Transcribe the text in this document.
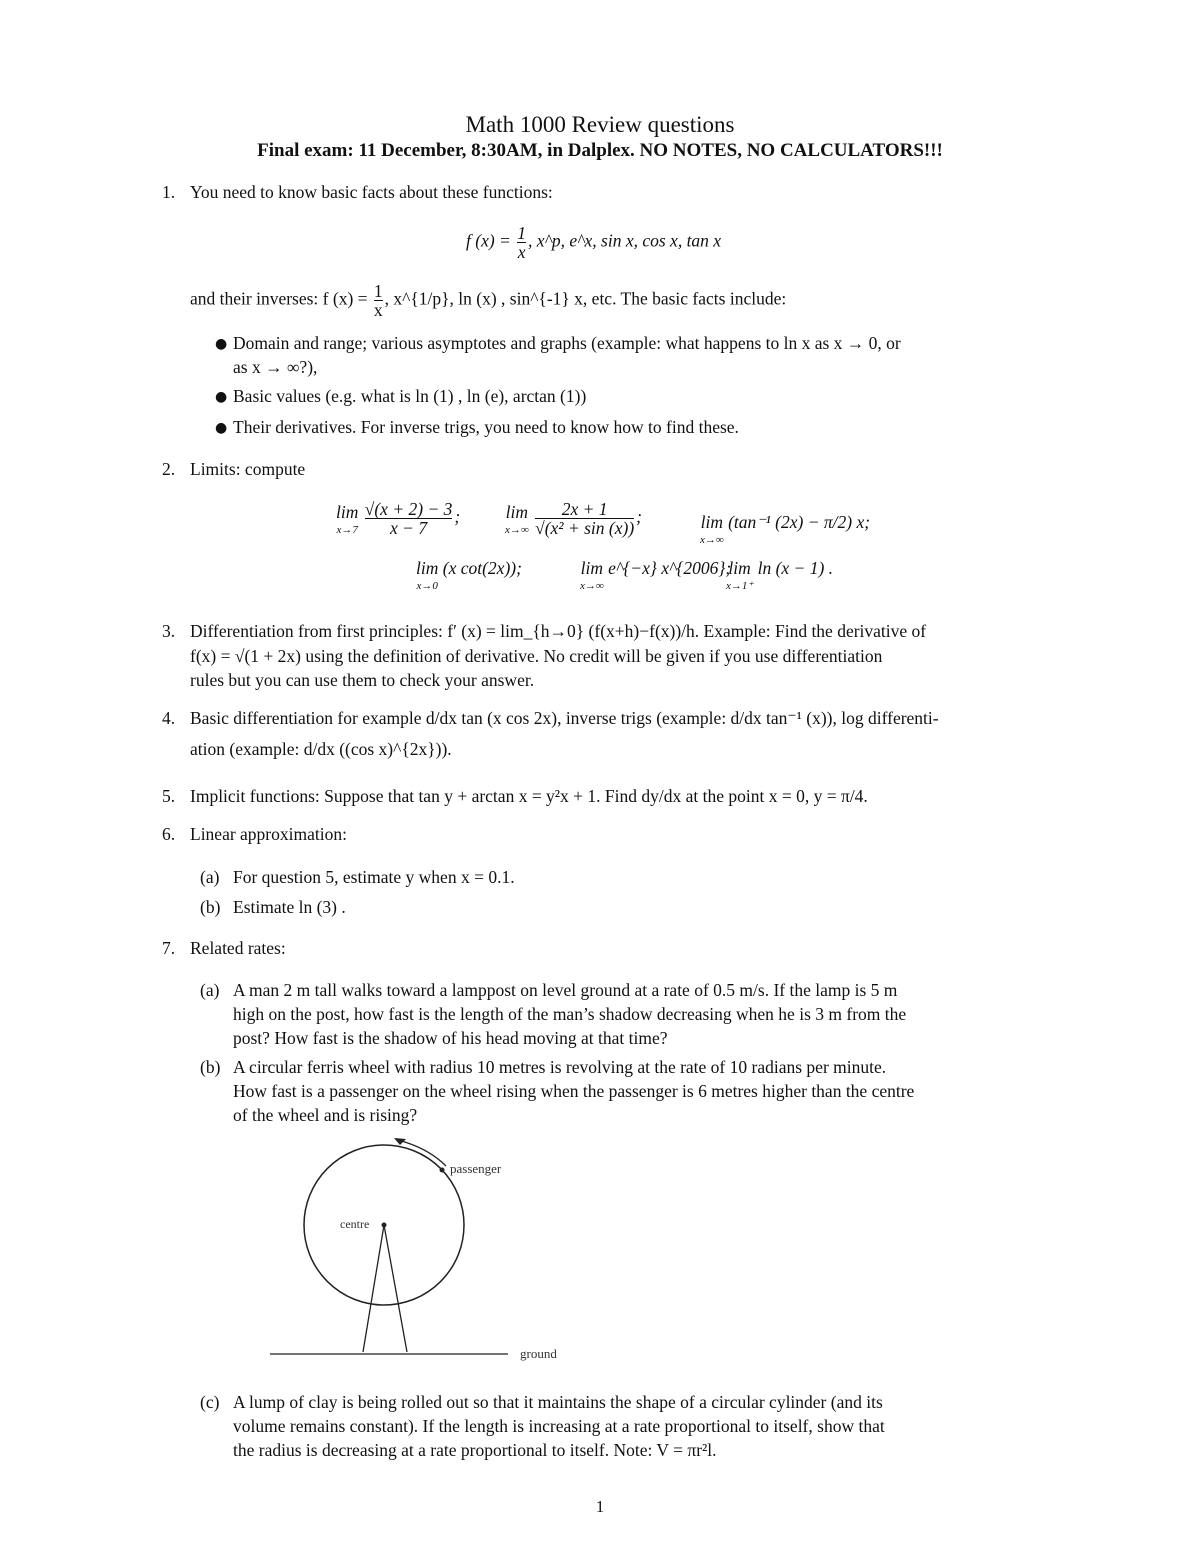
Math 1000 Review questions
Final exam: 11 December, 8:30AM, in Dalplex. NO NOTES, NO CALCULATORS!!!
1. You need to know basic facts about these functions:
f $(x) = \frac{1}{x}$ , x^p, e^x, sin x, cos x, tan x
and their inverses: f $(x) = \frac{1}{x}$ , x^{1/p}, ln (x) , sin^{-1} x, etc. The basic facts include:
● Domain and range; various asymptotes and graphs (example: what happens to ln x as x → 0, or
as x → ∞?),
● Basic values (e.g. what is ln (1) , ln (e), arctan (1))
● Their derivatives. For inverse trigs, you need to know how to find these.
2. Limits: compute
lim
x→7
$\frac{√(x + 2) - 3}{x - 7}$ ;	lim
x→∞
$\frac{2x + 1}{\text{√(x² + sin (x))}}$ ;	lim
x→∞
(tan⁻¹ (2x) − π/2) x;
lim
x→0
(x cot(2x));	lim
x→∞
e^{−x} x^{2006};
lim
x→1⁺
ln (x − 1) .
3. Differentiation from first principles: f′ (x) = lim_{h→0} (f(x+h)−f(x))/h. Example: Find the derivative of
f(x) = √(1 + 2x) using the definition of derivative. No credit will be given if you use differentiation
rules but you can use them to check your answer.
4. Basic differentiation for example d/dx tan (x cos 2x), inverse trigs (example: d/dx tan⁻¹ (x)), log differenti-
ation (example: d/dx ((cos x)^{2x})).
5. Implicit functions: Suppose that tan y + arctan x = y²x + 1. Find dy/dx at the point x = 0, y = π/4.
6. Linear approximation:
(a) For question 5, estimate y when x = 0.1.
(b) Estimate ln (3) .
7. Related rates:
(a) A man 2 m tall walks toward a lamppost on level ground at a rate of 0.5 m/s. If the lamp is 5 m
high on the post, how fast is the length of the man’s shadow decreasing when he is 3 m from the
post? How fast is the shadow of his head moving at that time?
(b) A circular ferris wheel with radius 10 metres is revolving at the rate of 10 radians per minute.
How fast is a passenger on the wheel rising when the passenger is 6 metres higher than the centre
of the wheel and is rising?
passenger
centre
ground
(c) A lump of clay is being rolled out so that it maintains the shape of a circular cylinder (and its
volume remains constant). If the length is increasing at a rate proportional to itself, show that
the radius is decreasing at a rate proportional to itself. Note: V = πr²l.
1
